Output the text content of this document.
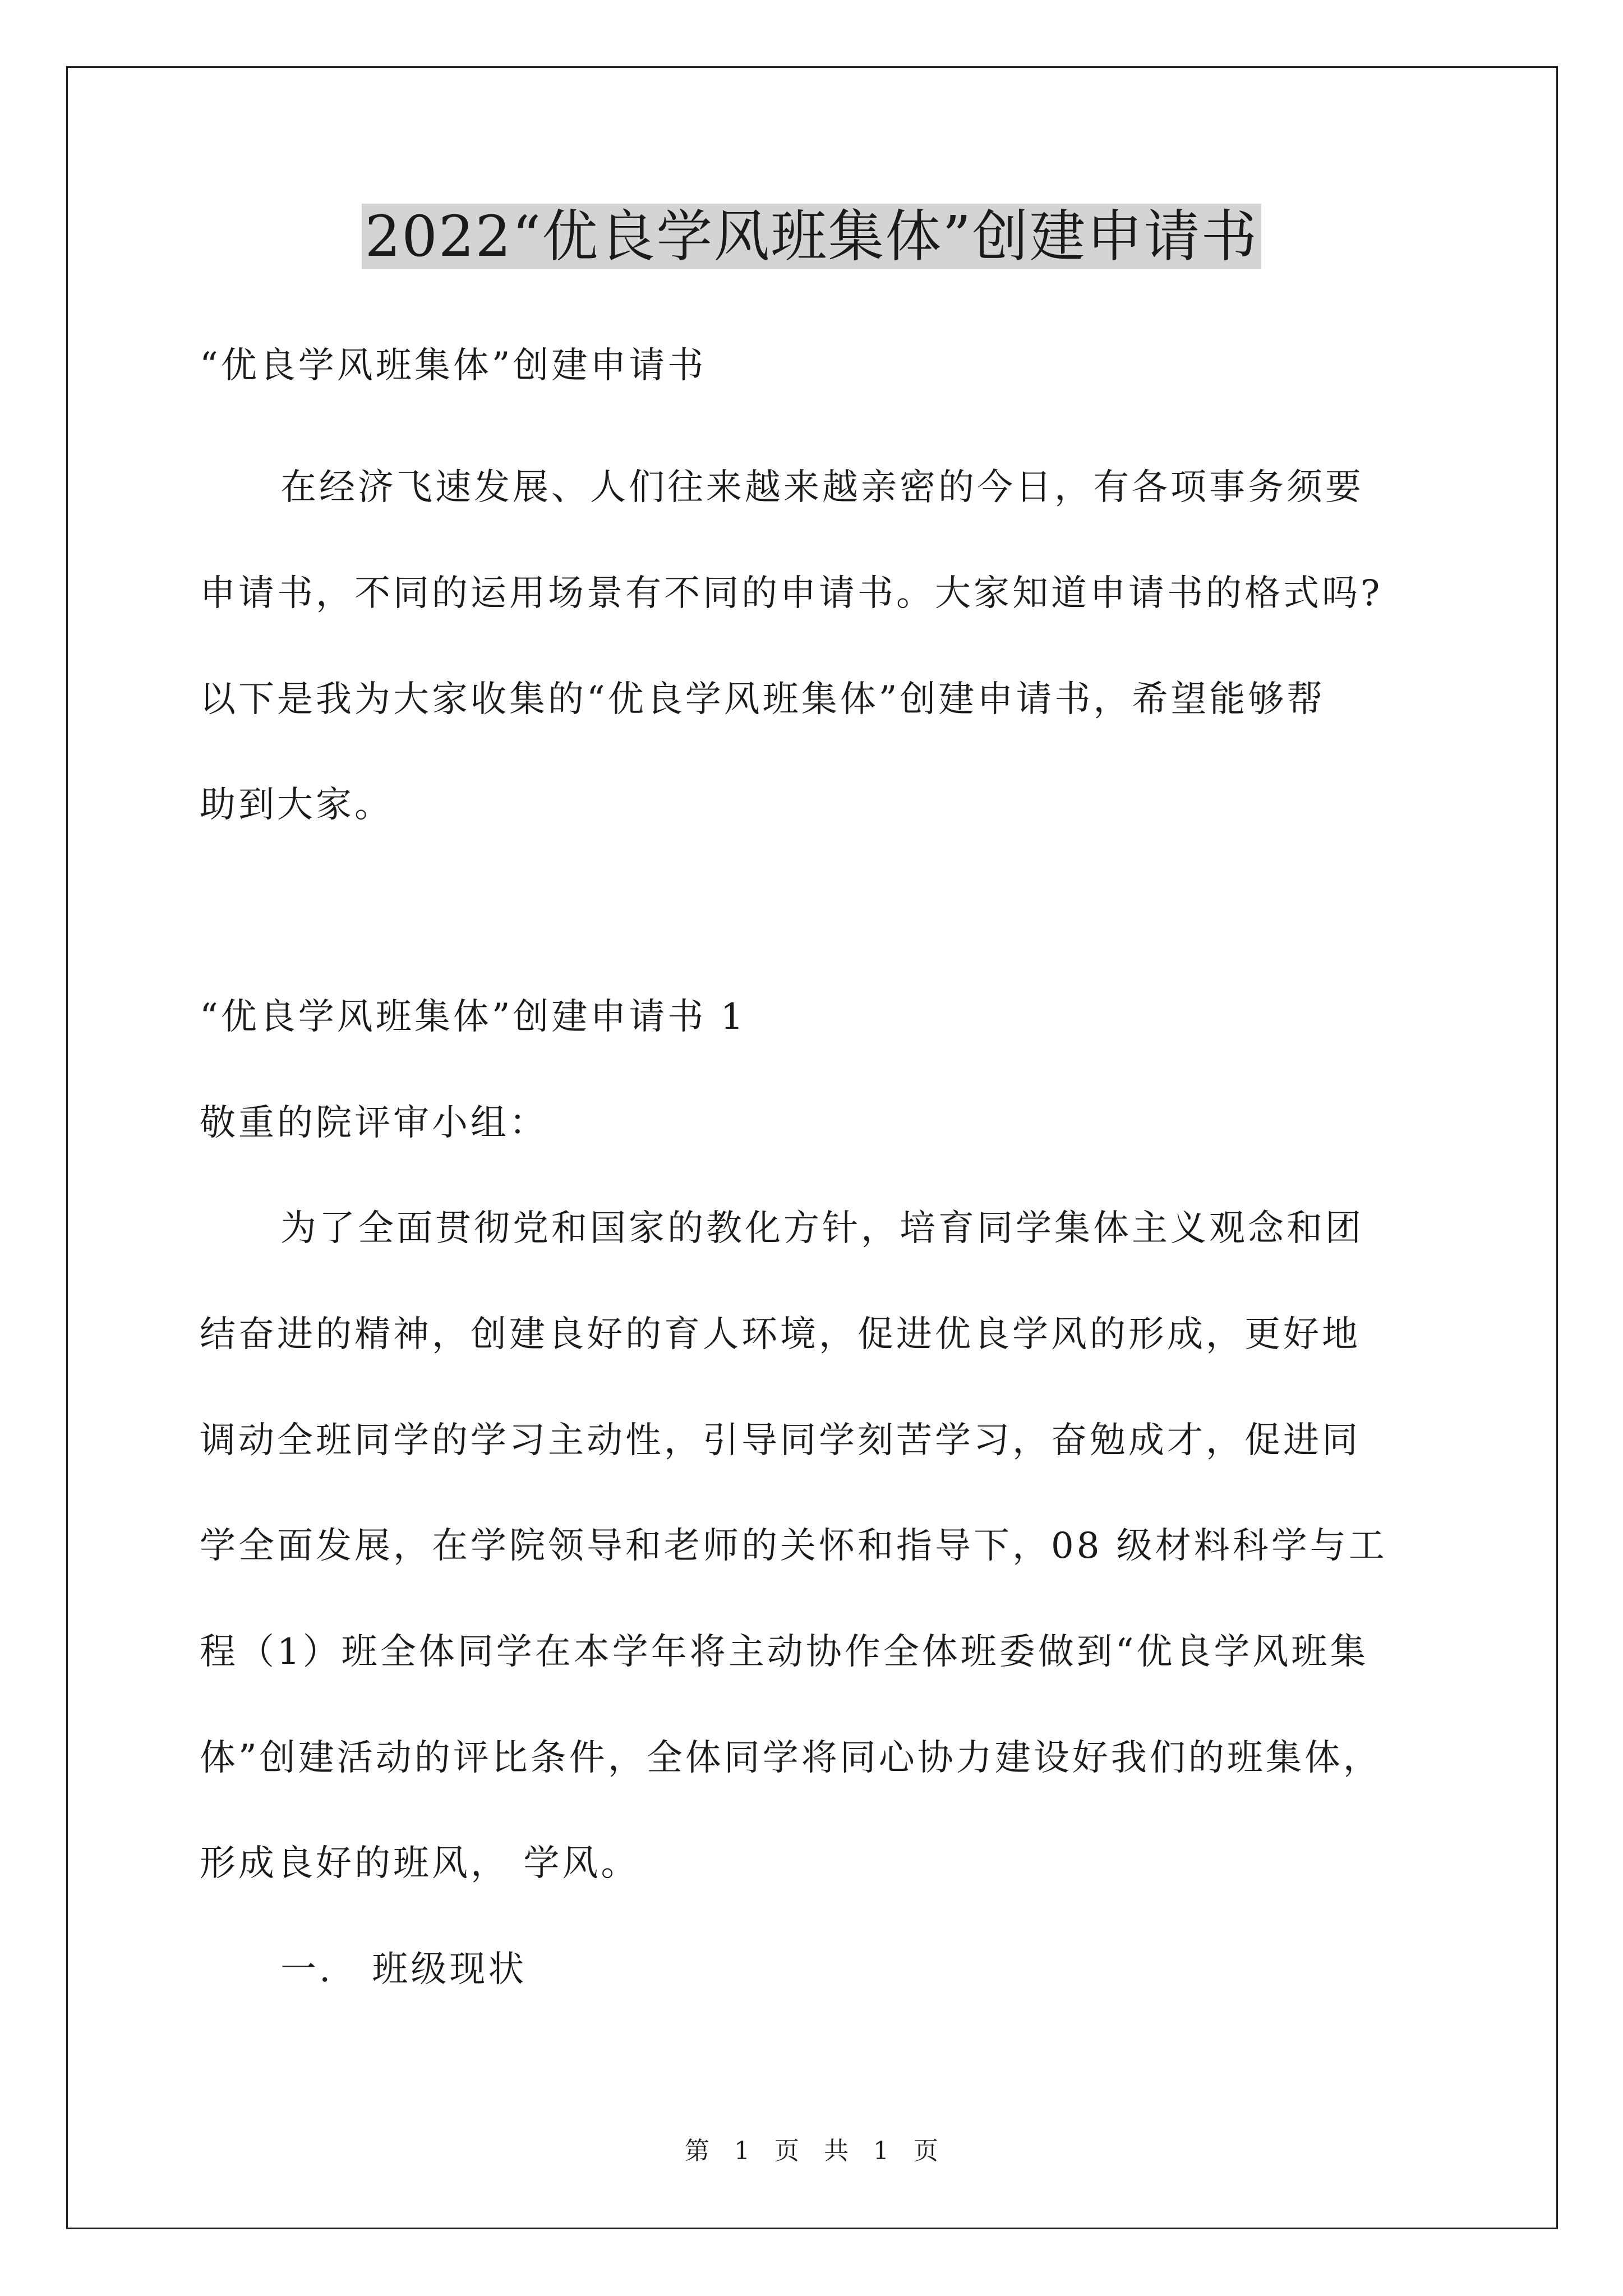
2022“优良学风班集体”创建申请书
“优良学风班集体”创建申请书
在经济飞速发展、人们往来越来越亲密的今日，有各项事务须要
申请书，不同的运用场景有不同的申请书。大家知道申请书的格式吗?
以下是我为大家收集的“优良学风班集体”创建申请书，希望能够帮
助到大家。
“优良学风班集体”创建申请书 1
敬重的院评审小组：
为了全面贯彻党和国家的教化方针，培育同学集体主义观念和团
结奋进的精神，创建良好的育人环境，促进优良学风的形成，更好地
调动全班同学的学习主动性，引导同学刻苦学习，奋勉成才，促进同
学全面发展，在学院领导和老师的关怀和指导下，08 级材料科学与工
程（1）班全体同学在本学年将主动协作全体班委做到“优良学风班集
体”创建活动的评比条件，全体同学将同心协力建设好我们的班集体，
形成良好的班风， 学风。
一.　班级现状
第 1 页　共 1 页
